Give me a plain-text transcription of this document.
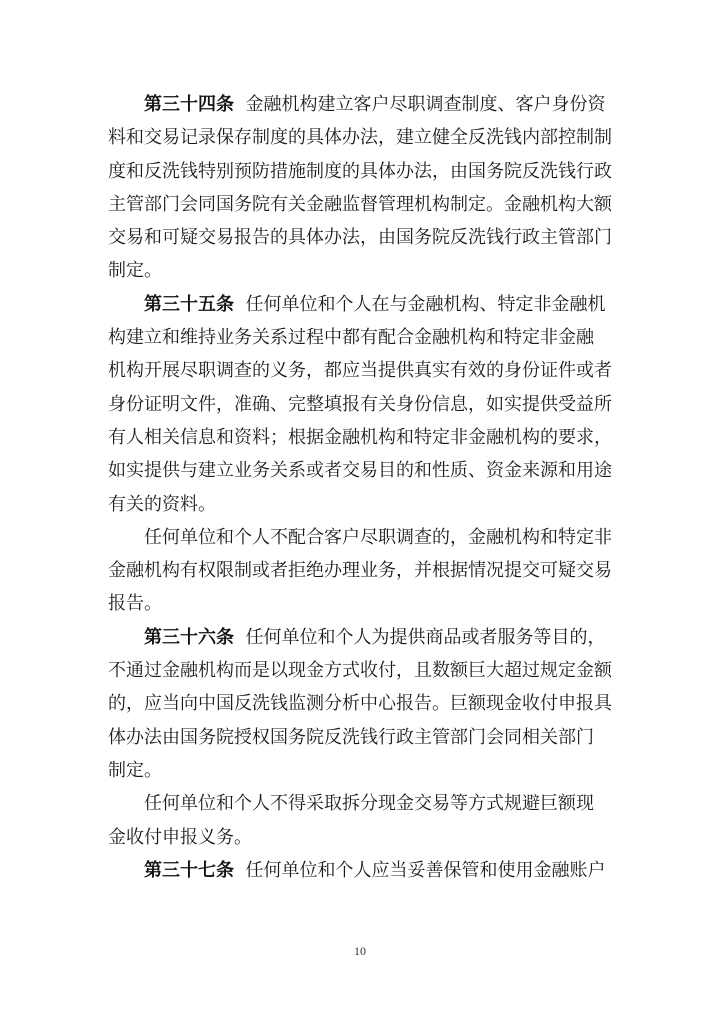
第三十四条  金融机构建立客户尽职调查制度、客户身份资
料和交易记录保存制度的具体办法，建立健全反洗钱内部控制制
度和反洗钱特别预防措施制度的具体办法，由国务院反洗钱行政
主管部门会同国务院有关金融监督管理机构制定。金融机构大额
交易和可疑交易报告的具体办法，由国务院反洗钱行政主管部门
制定。
第三十五条  任何单位和个人在与金融机构、特定非金融机
构建立和维持业务关系过程中都有配合金融机构和特定非金融
机构开展尽职调查的义务，都应当提供真实有效的身份证件或者
身份证明文件，准确、完整填报有关身份信息，如实提供受益所
有人相关信息和资料；根据金融机构和特定非金融机构的要求，
如实提供与建立业务关系或者交易目的和性质、资金来源和用途
有关的资料。
任何单位和个人不配合客户尽职调查的，金融机构和特定非
金融机构有权限制或者拒绝办理业务，并根据情况提交可疑交易
报告。
第三十六条  任何单位和个人为提供商品或者服务等目的，
不通过金融机构而是以现金方式收付，且数额巨大超过规定金额
的，应当向中国反洗钱监测分析中心报告。巨额现金收付申报具
体办法由国务院授权国务院反洗钱行政主管部门会同相关部门
制定。
任何单位和个人不得采取拆分现金交易等方式规避巨额现
金收付申报义务。
第三十七条  任何单位和个人应当妥善保管和使用金融账户
10
